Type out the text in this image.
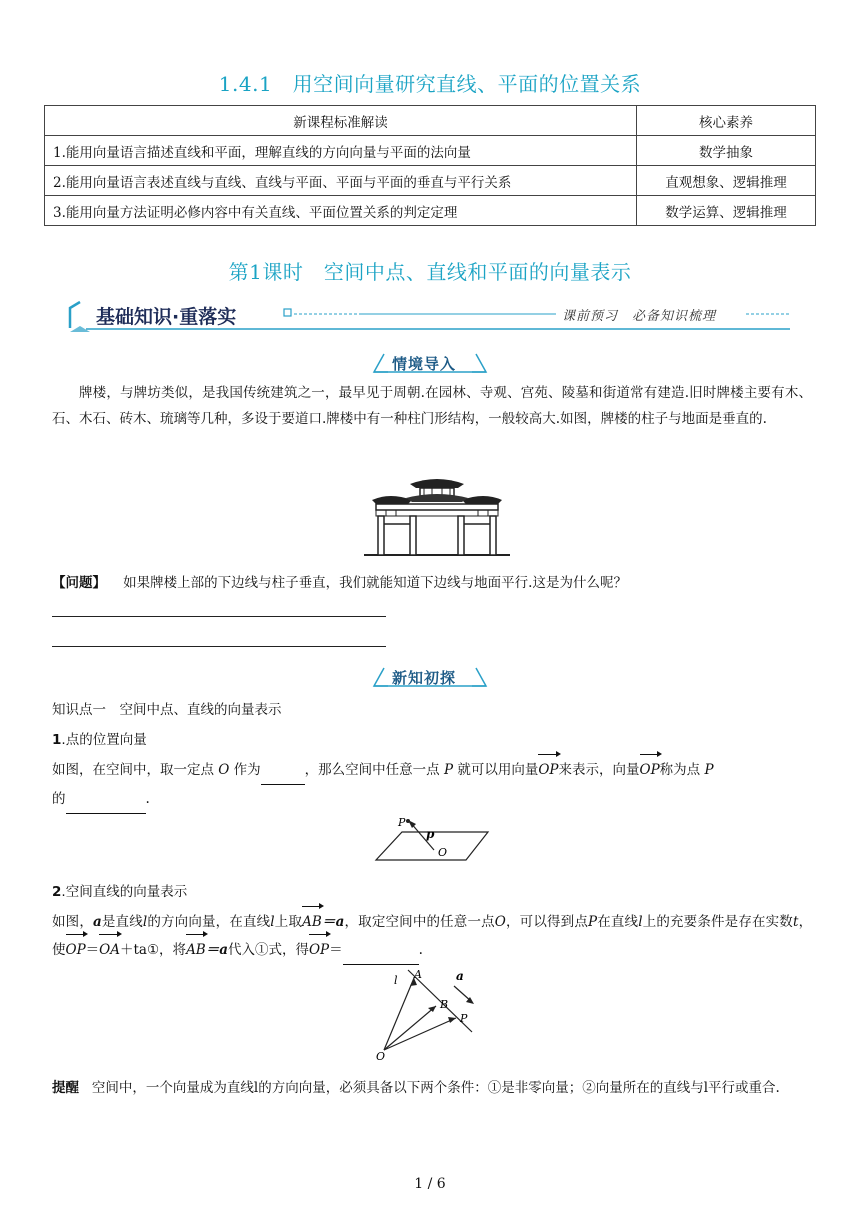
1.4.1　用空间向量研究直线、平面的位置关系
新课程标准解读	核心素养
1.能用向量语言描述直线和平面，理解直线的方向向量与平面的法向量	数学抽象
2.能用向量语言表述直线与直线、直线与平面、平面与平面的垂直与平行关系	直观想象、逻辑推理
3.能用向量方法证明必修内容中有关直线、平面位置关系的判定定理	数学运算、逻辑推理
第1课时　空间中点、直线和平面的向量表示
基础知识·重落实	课前预习　必备知识梳理
情境导入

牌楼，与牌坊类似，是我国传统建筑之一，最早见于周朝.在园林、寺观、宫苑、陵墓和街道常有建造.旧时牌楼主要有木、石、木石、砖木、琉璃等几种，多设于要道口.牌楼中有一种柱门形结构，一般较高大.如图，牌楼的柱子与地面是垂直的.

【问题】 如果牌楼上部的下边线与柱子垂直，我们就能知道下边线与地面平行.这是为什么呢？

新知初探
知识点一　空间中点、直线的向量表示
1.点的位置向量

如图，在空间中，取一定点 O 作为	，那么空间中任意一点 P 就可以用向量OP来表示，向量OP称为点 P
的	.

P
p
O
2.空间直线的向量表示

如图，a是直线l的方向向量，在直线l上取AB＝a，取定空间中的任意一点O，可以得到点P在直线l上的充要条件是存在实数t，使OP＝OA＋ta①，将AB＝a代入①式，得OP＝	.

l A	a
B
P
O

提醒 空间中，一个向量成为直线l的方向向量，必须具备以下两个条件：①是非零向量；②向量所在的直线与l平行或重合.

1 / 6
